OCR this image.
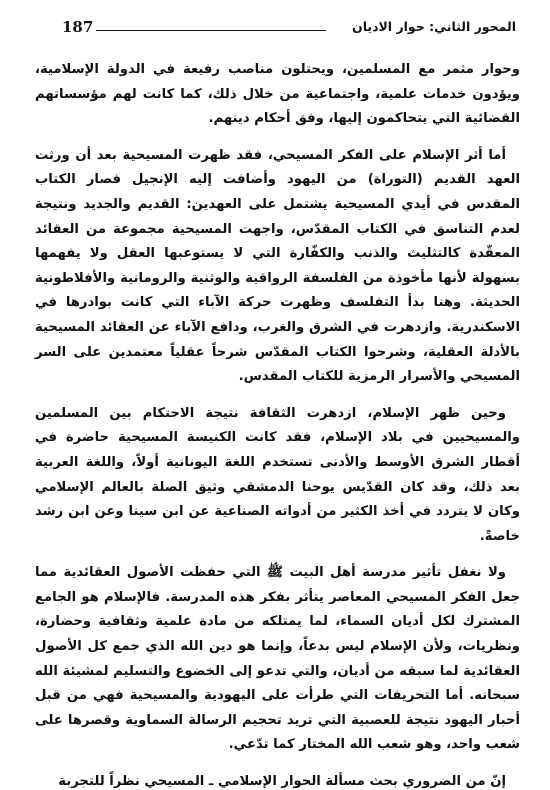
187	المحور الثاني: حوار الاديان

وحوار مثمر مع المسلمين، ويحتلون مناصب رفيعة في الدولة الإسلامية، ويؤدون خدمات علمية، واجتماعية من خلال ذلك، كما كانت لهم مؤسساتهم القضائية التي يتحاكمون إليها، وفق أحكام دينهم.

أما أثر الإسلام على الفكر المسيحي، فقد ظهرت المسيحية بعد أن ورثت العهد القديم (التوراة) من اليهود وأضافت إليه الإنجيل فصار الكتاب المقدس في أيدي المسيحية يشتمل على العهدين: القديم والجديد ونتيجة لعدم التناسق في الكتاب المقدّس، واجهت المسيحية مجموعة من العقائد المعقّدة كالتثليث والذنب والكفّارة التي لا يستوعبها العقل ولا يفهمها بسهولة لأنها مأخوذة من الفلسفة الرواقية والوثنية والرومانية والأفلاطونية الحديثة. وهنا بدأ التفلسف وظهرت حركة الآباء التي كانت بوادرها في الاسكندرية. وازدهرت في الشرق والغرب، ودافع الآباء عن العقائد المسيحية بالأدلة العقلية، وشرحوا الكتاب المقدّس شرحاً عقلياً معتمدين على السر المسيحي والأسرار الرمزية للكتاب المقدس.

وحين ظهر الإسلام، ازدهرت الثقافة نتيجة الاحتكام بين المسلمين والمسيحيين في بلاد الإسلام، فقد كانت الكنيسة المسيحية حاضرة في أقطار الشرق الأوسط والأدنى تستخدم اللغة اليونانية أولاً، واللغة العربية بعد ذلك، وقد كان القدّيس يوحنا الدمشقي وثيق الصلة بالعالم الإسلامي وكان لا يتردد في أخذ الكثير من أدواته الصناعية عن ابن سينا وعن ابن رشد خاصةً.

ولا نغفل تأثير مدرسة أهل البيت ﷺ التي حفظت الأصول العقائدية مما جعل الفكر المسيحي المعاصر يتأثر بفكر هذه المدرسة. فالإسلام هو الجامع المشترك لكل أديان السماء، لما يمتلكه من مادة علمية وثقافية وحضارة، ونظريات، ولأن الإسلام ليس بدعاً، وإنما هو دين الله الذي جمع كل الأصول العقائدية لما سبقه من أديان، والتي تدعو إلى الخضوع والتسليم لمشيئة الله سبحانه. أما التحريفات التي طرأت على اليهودية والمسيحية فهي من قبل أحبار اليهود نتيجة للعصبية التي تريد تحجيم الرسالة السماوية وقصرها على شعب واحد، وهو شعب الله المختار كما تدّعي.

إنّ من الضروري بحث مسألة الحوار الإسلامي ـ المسيحي نظراً للتجربة
